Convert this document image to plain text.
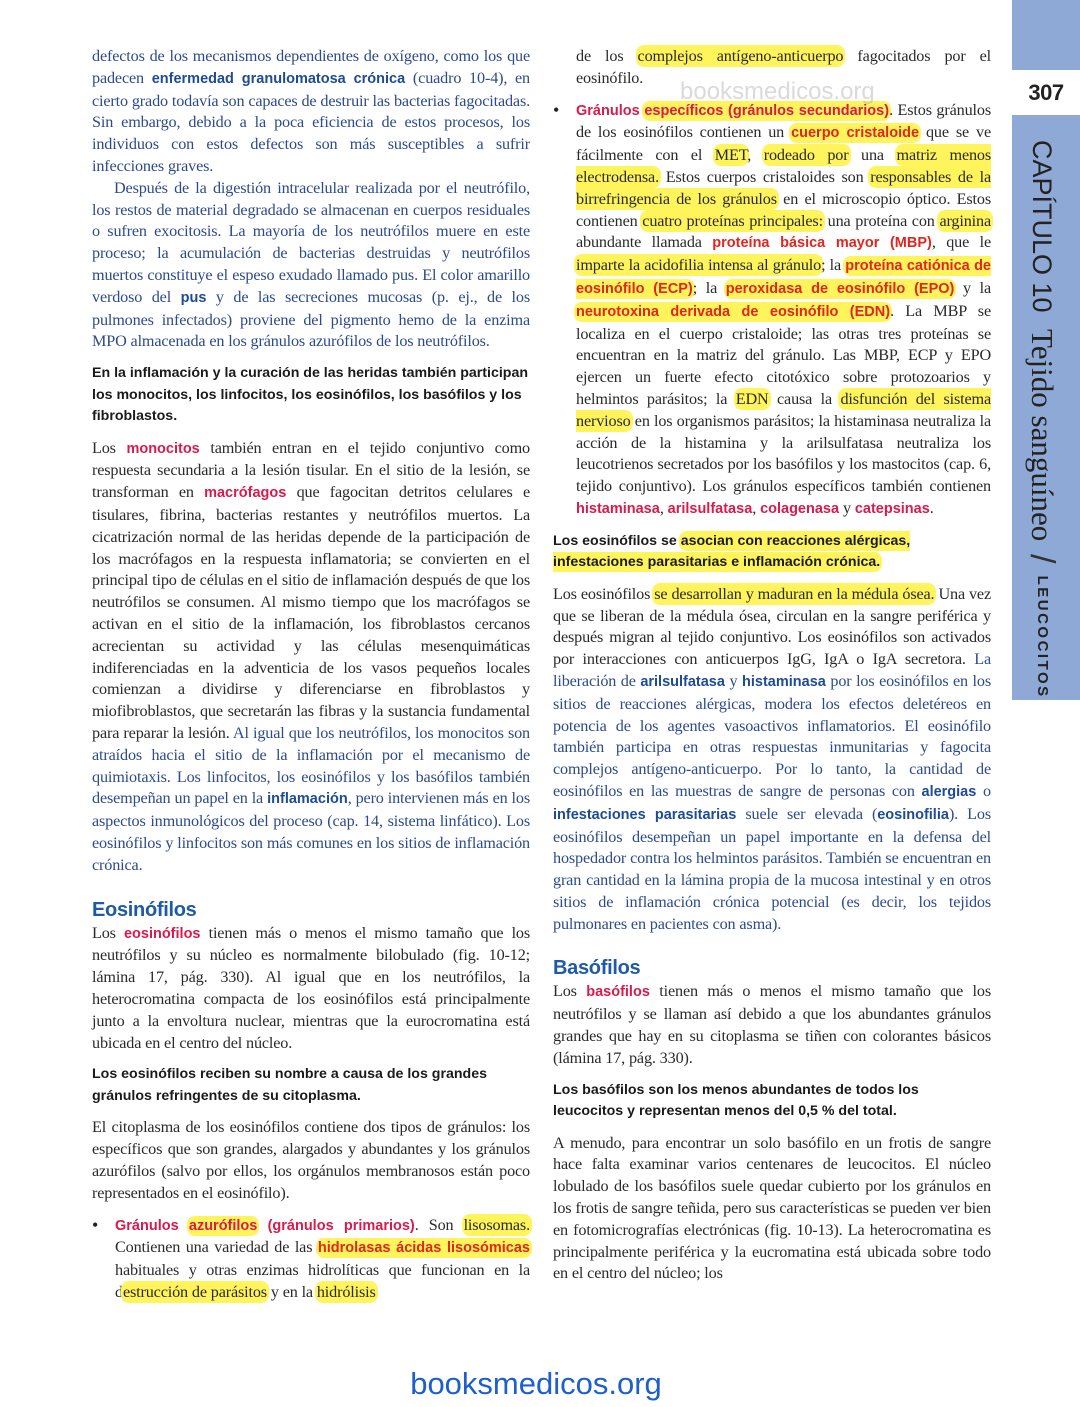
307
CAPÍTULO 10 Tejido sanguíneo / LEUCOCITOS

defectos de los mecanismos dependientes de oxígeno, como los que padecen enfermedad granulomatosa crónica (cuadro 10-4), en cierto grado todavía son capaces de destruir las bacterias fagocitadas. Sin embargo, debido a la poca eficiencia de estos procesos, los individuos con estos defectos son más susceptibles a sufrir infecciones graves.

Después de la digestión intracelular realizada por el neutrófilo, los restos de material degradado se almacenan en cuerpos residuales o sufren exocitosis. La mayoría de los neutrófilos muere en este proceso; la acumulación de bacterias destruidas y neutrófilos muertos constituye el espeso exudado llamado pus. El color amarillo verdoso del pus y de las secreciones mucosas (p. ej., de los pulmones infectados) proviene del pigmento hemo de la enzima MPO almacenada en los gránulos azurófilos de los neutrófilos.

En la inflamación y la curación de las heridas también participan los monocitos, los linfocitos, los eosinófilos, los basófilos y los fibroblastos.

Los monocitos también entran en el tejido conjuntivo como respuesta secundaria a la lesión tisular. En el sitio de la lesión, se transforman en macrófagos que fagocitan detritos celulares e tisulares, fibrina, bacterias restantes y neutrófilos muertos. La cicatrización normal de las heridas depende de la participación de los macrófagos en la respuesta inflamatoria; se convierten en el principal tipo de células en el sitio de inflamación después de que los neutrófilos se consumen. Al mismo tiempo que los macrófagos se activan en el sitio de la inflamación, los fibroblastos cercanos acrecientan su actividad y las células mesenquimáticas indiferenciadas en la adventicia de los vasos pequeños locales comienzan a dividirse y diferenciarse en fibroblastos y miofibroblastos, que secretarán las fibras y la sustancia fundamental para reparar la lesión. Al igual que los neutrófilos, los monocitos son atraídos hacia el sitio de la inflamación por el mecanismo de quimiotaxis. Los linfocitos, los eosinófilos y los basófilos también desempeñan un papel en la inflamación, pero intervienen más en los aspectos inmunológicos del proceso (cap. 14, sistema linfático). Los eosinófilos y linfocitos son más comunes en los sitios de inflamación crónica.

Eosinófilos

Los eosinófilos tienen más o menos el mismo tamaño que los neutrófilos y su núcleo es normalmente bilobulado (fig. 10-12; lámina 17, pág. 330). Al igual que en los neutrófilos, la heterocromatina compacta de los eosinófilos está principalmente junto a la envoltura nuclear, mientras que la eurocromatina está ubicada en el centro del núcleo.

Los eosinófilos reciben su nombre a causa de los grandes gránulos refringentes de su citoplasma.

El citoplasma de los eosinófilos contiene dos tipos de gránulos: los específicos que son grandes, alargados y abundantes y los gránulos azurófilos (salvo por ellos, los orgánulos membranosos están poco representados en el eosinófilo).

• Gránulos azurófilos (gránulos primarios). Son lisosomas. Contienen una variedad de las hidrolasas ácidas lisosómicas habituales y otras enzimas hidrolíticas que funcionan en la destrucción de parásitos y en la hidrólisis

de los complejos antígeno-anticuerpo fagocitados por el eosinófilo.

• Gránulos específicos (gránulos secundarios). Estos gránulos de los eosinófilos contienen un cuerpo cristaloide que se ve fácilmente con el MET, rodeado por una matriz menos electrodensa. Estos cuerpos cristaloides son responsables de la birrefringencia de los gránulos en el microscopio óptico. Estos contienen cuatro proteínas principales: una proteína con arginina abundante llamada proteína básica mayor (MBP), que le imparte la acidofilia intensa al gránulo; la proteína catiónica de eosinófilo (ECP); la peroxidasa de eosinófilo (EPO) y la neurotoxina derivada de eosinófilo (EDN). La MBP se localiza en el cuerpo cristaloide; las otras tres proteínas se encuentran en la matriz del gránulo. Las MBP, ECP y EPO ejercen un fuerte efecto citotóxico sobre protozoarios y helmintos parásitos; la EDN causa la disfunción del sistema nervioso en los organismos parásitos; la histaminasa neutraliza la acción de la histamina y la arilsulfatasa neutraliza los leucotrienos secretados por los basófilos y los mastocitos (cap. 6, tejido conjuntivo). Los gránulos específicos también contienen histaminasa, arilsulfatasa, colagenasa y catepsinas.

Los eosinófilos se asocian con reacciones alérgicas, infestaciones parasitarias e inflamación crónica.

Los eosinófilos se desarrollan y maduran en la médula ósea. Una vez que se liberan de la médula ósea, circulan en la sangre periférica y después migran al tejido conjuntivo. Los eosinófilos son activados por interacciones con anticuerpos IgG, IgA o IgA secretora. La liberación de arilsulfatasa y histaminasa por los eosinófilos en los sitios de reacciones alérgicas, modera los efectos deletéreos en potencia de los agentes vasoactivos inflamatorios. El eosinófilo también participa en otras respuestas inmunitarias y fagocita complejos antígeno-anticuerpo. Por lo tanto, la cantidad de eosinófilos en las muestras de sangre de personas con alergias o infestaciones parasitarias suele ser elevada (eosinofilia). Los eosinófilos desempeñan un papel importante en la defensa del hospedador contra los helmintos parásitos. También se encuentran en gran cantidad en la lámina propia de la mucosa intestinal y en otros sitios de inflamación crónica potencial (es decir, los tejidos pulmonares en pacientes con asma).

Basófilos

Los basófilos tienen más o menos el mismo tamaño que los neutrófilos y se llaman así debido a que los abundantes gránulos grandes que hay en su citoplasma se tiñen con colorantes básicos (lámina 17, pág. 330).

Los basófilos son los menos abundantes de todos los leucocitos y representan menos del 0,5 % del total.

A menudo, para encontrar un solo basófilo en un frotis de sangre hace falta examinar varios centenares de leucocitos. El núcleo lobulado de los basófilos suele quedar cubierto por los gránulos en los frotis de sangre teñida, pero sus características se pueden ver bien en fotomicrografías electrónicas (fig. 10-13). La heterocromatina es principalmente periférica y la eucromatina está ubicada sobre todo en el centro del núcleo; los

booksmedicos.org
booksmedicos.org
